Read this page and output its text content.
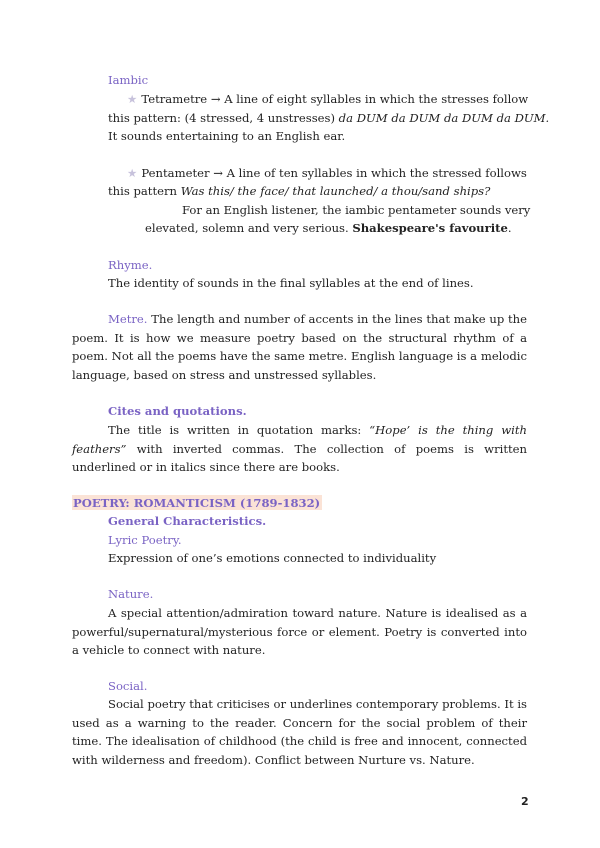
Iambic
★ Tetrametre → A line of eight syllables in which the stresses follow
this pattern: (4 stressed, 4 unstresses) da DUM da DUM da DUM da DUM.
It sounds entertaining to an English ear.
★ Pentameter → A line of ten syllables in which the stressed follows
this pattern Was this/ the face/ that launched/ a thou/sand ships?
For an English listener, the iambic pentameter sounds very
elevated, solemn and very serious. Shakespeare's favourite.
Rhyme.
The identity of sounds in the final syllables at the end of lines.
Metre. The length and number of accents in the lines that make up the poem. It is how we measure poetry based on the structural rhythm of a poem. Not all the poems have the same metre. English language is a melodic language, based on stress and unstressed syllables.
Cites and quotations.
The title is written in quotation marks: “Hope’ is the thing with feathers” with inverted commas. The collection of poems is written underlined or in italics since there are books.
POETRY: ROMANTICISM (1789-1832)
General Characteristics.
Lyric Poetry.
Expression of one’s emotions connected to individuality
Nature.
A special attention/admiration toward nature. Nature is idealised as a powerful/supernatural/mysterious force or element. Poetry is converted into a vehicle to connect with nature.
Social.
Social poetry that criticises or underlines contemporary problems. It is used as a warning to the reader. Concern for the social problem of their time. The idealisation of childhood (the child is free and innocent, connected with wilderness and freedom). Conflict between Nurture vs. Nature.
2
